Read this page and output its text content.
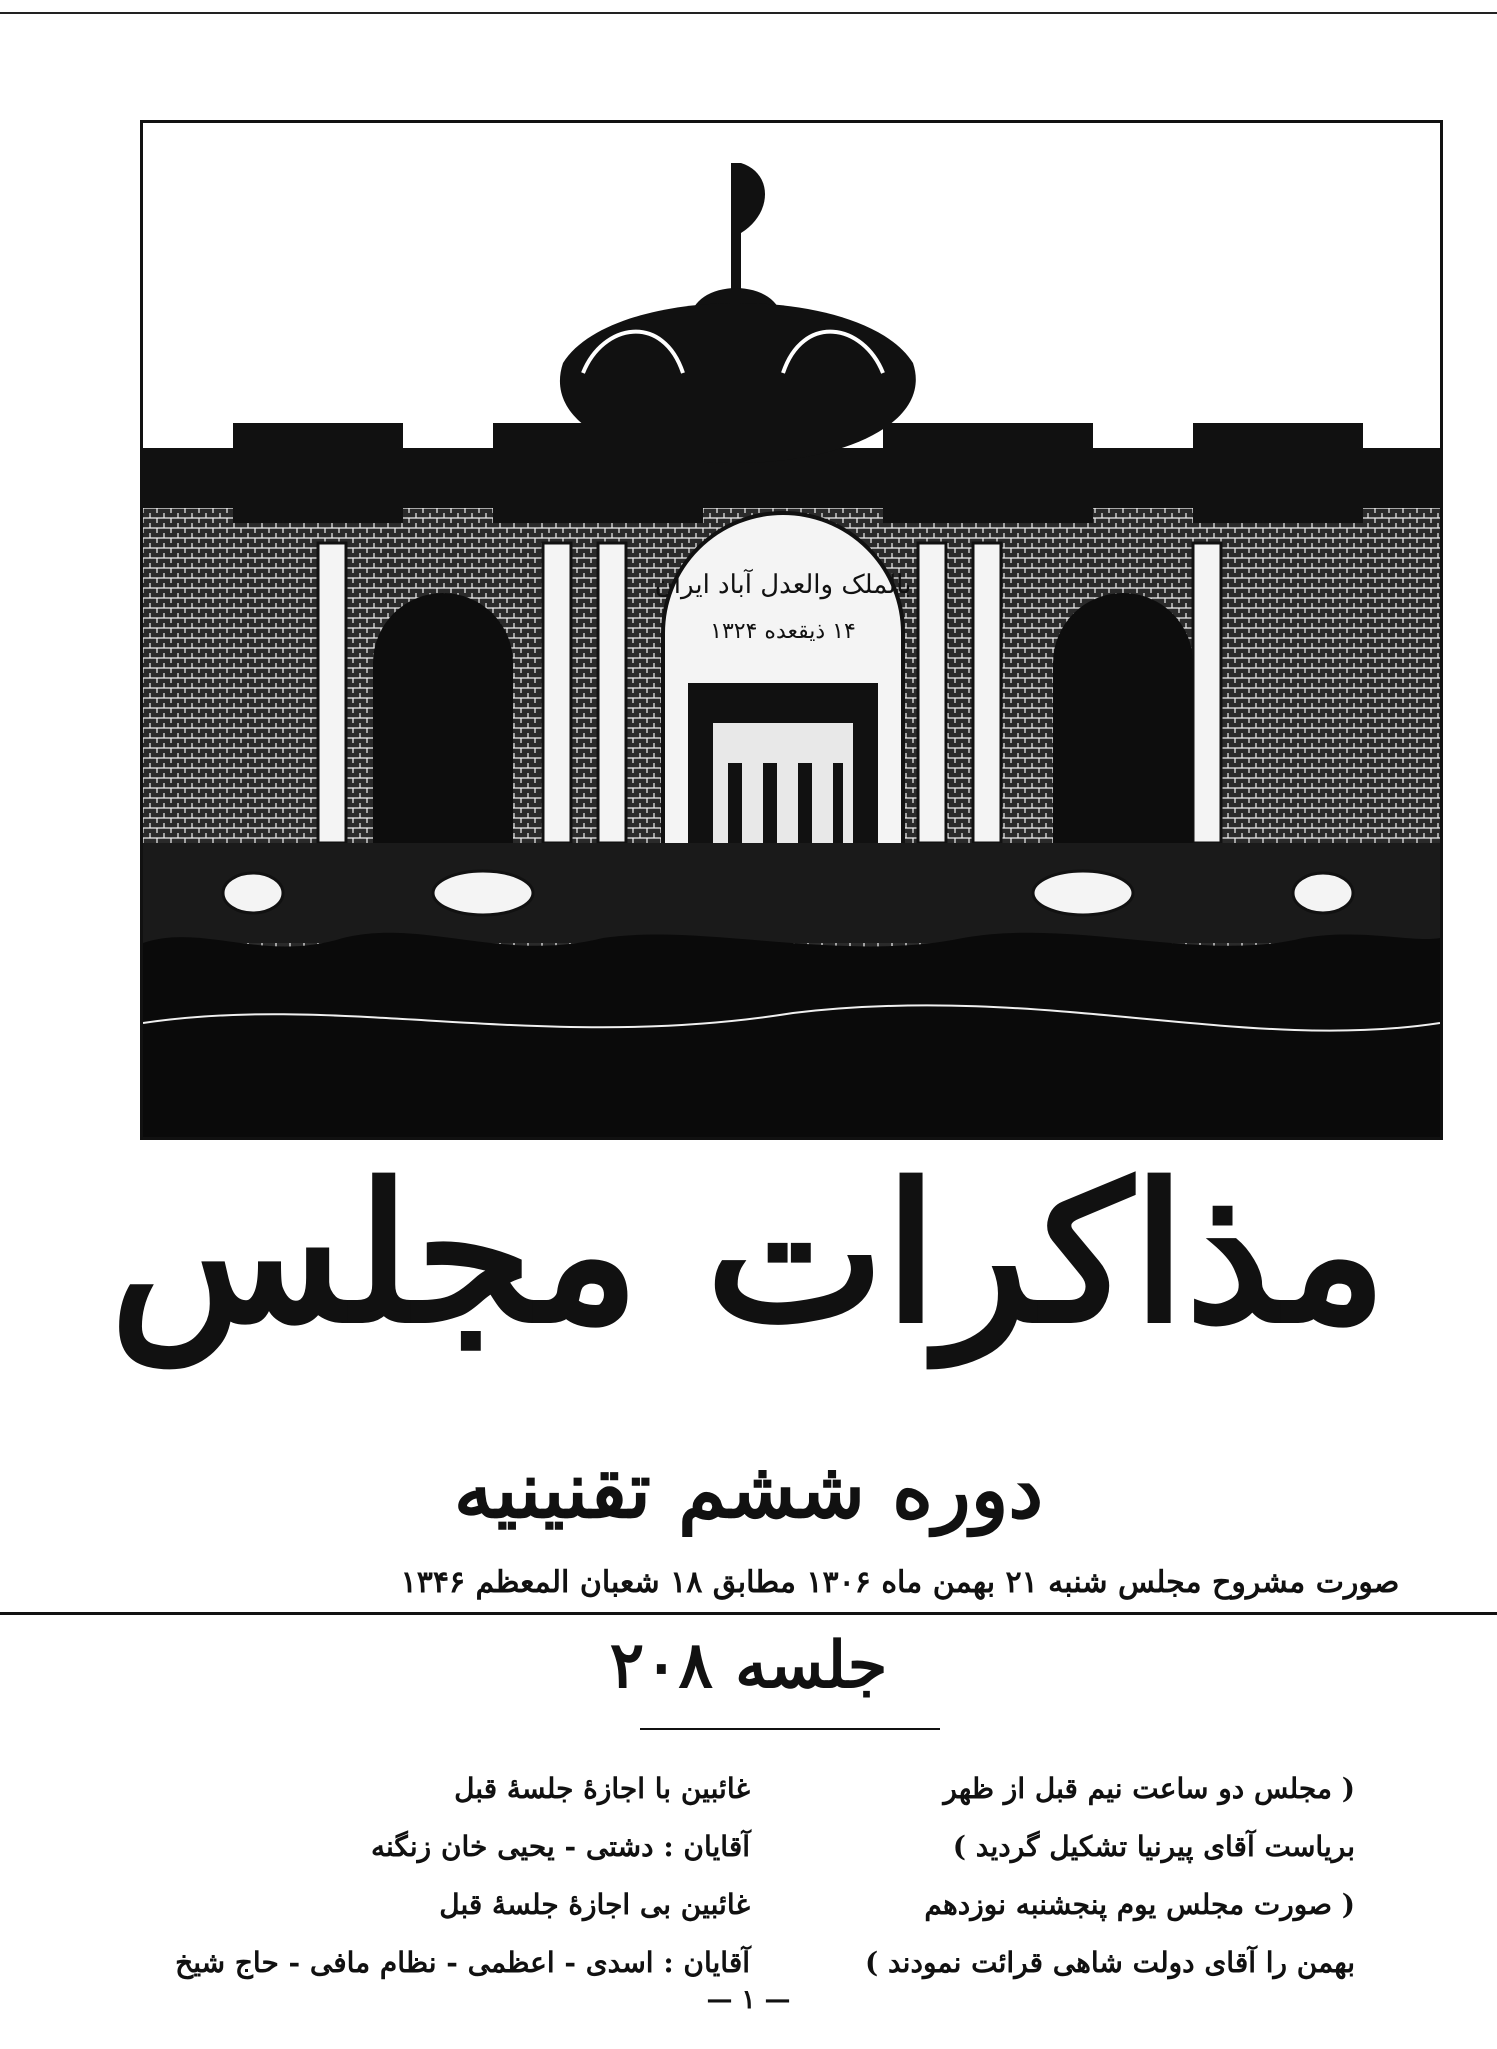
بالملک والعدل آباد ایران
۱۴ ذیقعده ۱۳۲۴
مذاکرات مجلس
دوره ششم تقنینیه
صورت مشروح مجلس شنبه ۲۱ بهمن ماه ۱۳۰۶ مطابق ۱۸ شعبان المعظم ۱۳۴۶
جلسه ۲۰۸
( مجلس دو ساعت نیم قبل از ظهر
بریاست آقای پیرنیا تشکیل گردید )
( صورت مجلس یوم پنجشنبه نوزدهم
بهمن را آقای دولت شاهی قرائت نمودند )
غائبین با اجازهٔ جلسهٔ قبل
آقایان : دشتی - یحیی خان زنگنه
غائبین بی اجازهٔ جلسهٔ قبل
آقایان : اسدی - اعظمی - نظام مافی - حاج شیخ
— ۱ —
